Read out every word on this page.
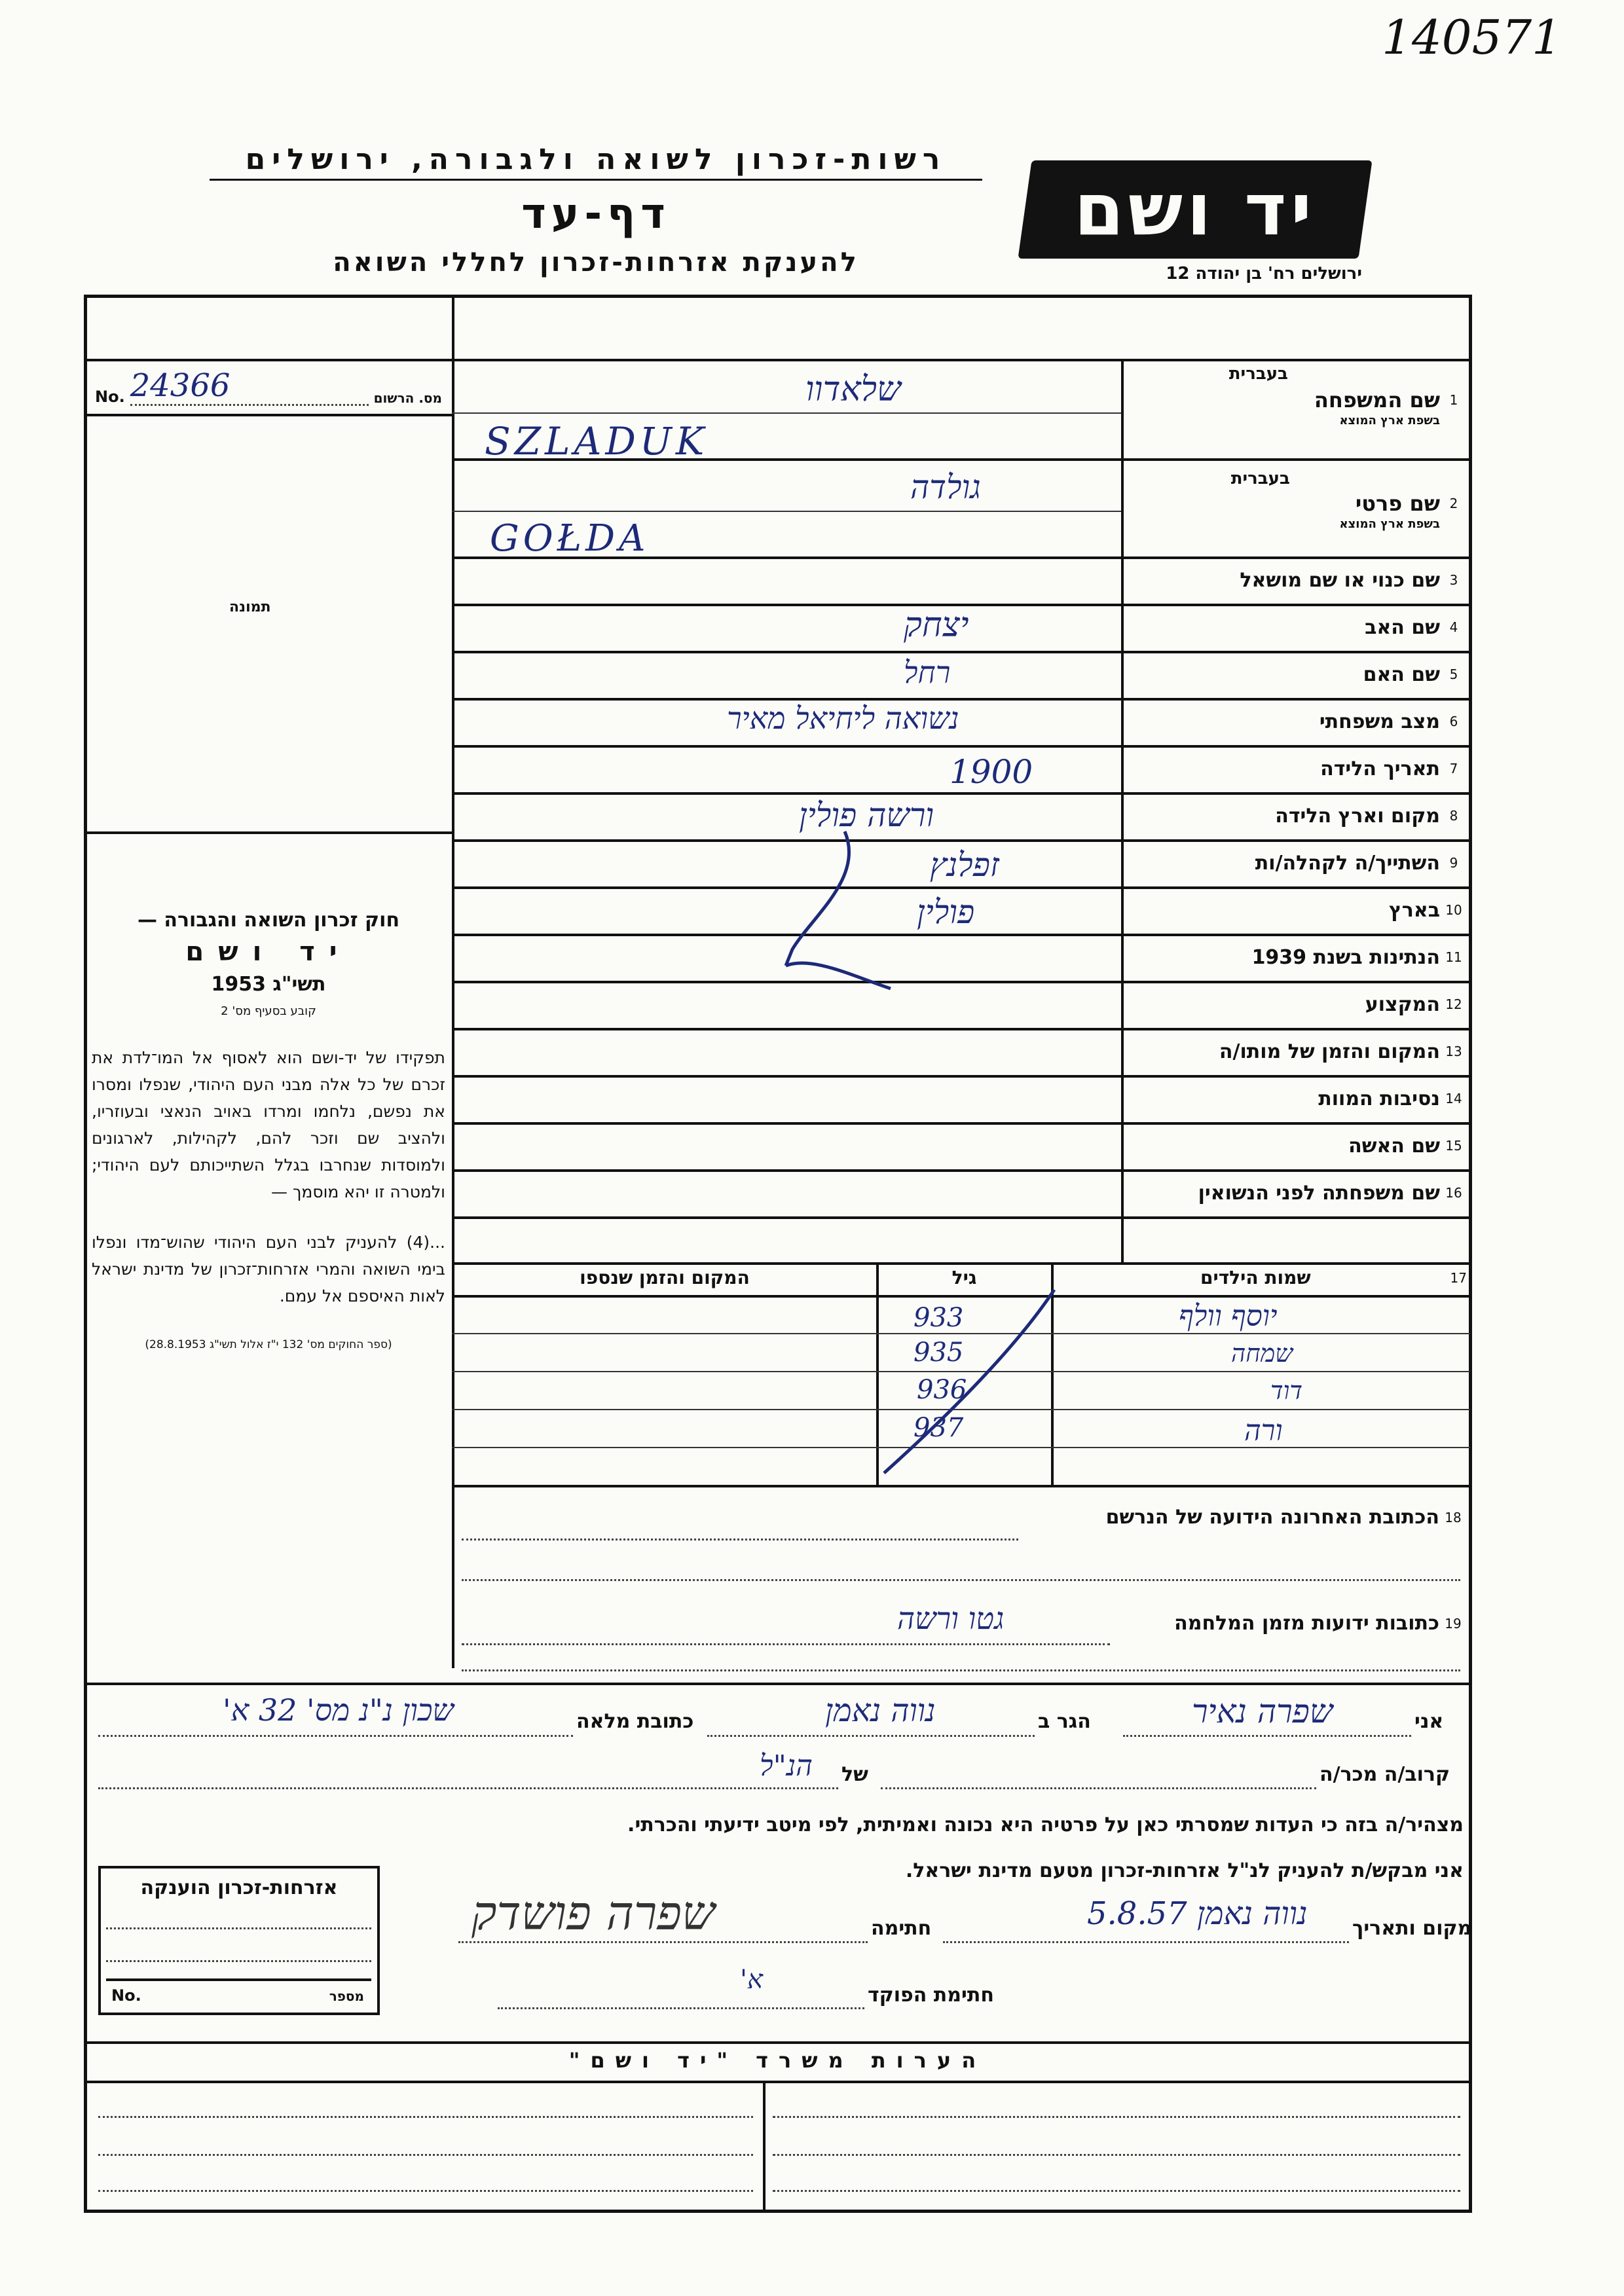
140571
רשות-זכרון לשואה ולגבורה, ירושלים
דף-עד
להענקת אזרחות-זכרון לחללי השואה
יד ושם
ירושלים רח' בן יהודה 12
No. 24366	מס. הרשום
תמונה
חוק זכרון השואה והגבורה —
יד ושם
תשי"ג 1953
קובע בסעיף מס' 2

תפקידו של יד-ושם הוא לאסוף אל המו־לדת את זכרם של כל אלה מבני העם היהודי, שנפלו ומסרו את נפשם, נלחמו ומרדו באויב הנאצי ובעוזריו, ולהציב שם וזכר להם, לקהילות, לארגונים ולמוסדות שנחרבו בגלל השתייכותם לעם היהודי; ולמטרה זו יהא מוסמך —

...(4) להעניק לבני העם היהודי שהוש־מדו ונפלו בימי השואה והמרי אזרחות־זכרון של מדינת ישראל לאות האיספם אל עמם.

(ספר החוקים מס' 132 י"ז אלול תשי"ג 28.8.1953)

1
שם המשפחה
בעברית
בשפת ארץ המוצא
שלאדוו
SZLADUK
2
שם פרטי
בעברית
בשפת ארץ המוצא
גולדה
GOŁDA
3
שם כנוי או שם מושאל
4
שם האב
5
שם האם
6
מצב משפחתי
7
תאריך הלידה
8
מקום וארץ הלידה
9
השתייך/ה לקהלה/ות
10
בארץ
11
הנתינות בשנת 1939
12
המקצוע
13
המקום והזמן של מותו/ה
14
נסיבות המוות
15
שם האשה
16
שם משפחתה לפני הנשואין
יצחק
רחל
נשואה ליחיאל מאיר
1900
ורשה פולין
זפלנץ
פולין
17
שמות הילדים
גיל
המקום והזמן שנספו
יוסף וולף
933
שמחה
935
דוד
936
ורה
937
18
הכתובת האחרונה הידועה של הנרשם
19
כתובות ידועות מזמן המלחמה
גטו ורשה
אני
שפרה נאיר
הגר ב
נווה נאמן
כתובת מלאה
שכון נ"נ מס' 32 א'
קרוב/ה מכר/ה
של
הנ"ל
מצהיר/ה בזה כי העדות שמסרתי כאן על פרטיה היא נכונה ואמיתית, לפי מיטב ידיעתי והכרתי.
אני מבקש/ת להעניק לנ"ל אזרחות-זכרון מטעם מדינת ישראל.
מקום ותאריך
נווה נאמן 5.8.57
חתימה
שפרה פושדק
חתימת הפוקד
א'
אזרחות-זכרון הוענקה
No.	מספר
הערות משרד "יד ושם"
